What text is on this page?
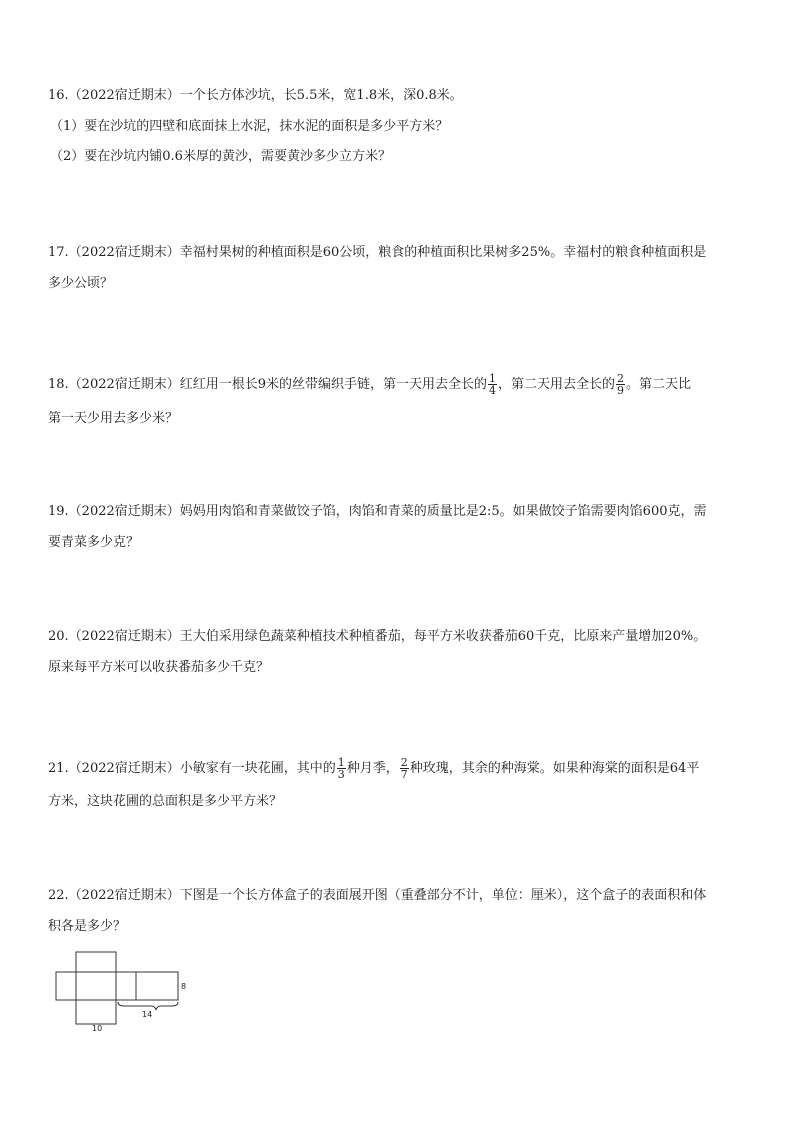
16.（2022宿迁期末）一个长方体沙坑，长5.5米，宽1.8米，深0.8米。
（1）要在沙坑的四壁和底面抹上水泥，抹水泥的面积是多少平方米？
（2）要在沙坑内铺0.6米厚的黄沙，需要黄沙多少立方米？
17.（2022宿迁期末）幸福村果树的种植面积是60公顷，粮食的种植面积比果树多25%。幸福村的粮食种植面积是
多少公顷？
18.（2022宿迁期末）红红用一根长9米的丝带编织手链，第一天用去全长的 $\frac{1}{4}$ ，第二天用去全长的 $\frac{2}{9}$ 。第二天比
第一天少用去多少米？
19.（2022宿迁期末）妈妈用肉馅和青菜做饺子馅，肉馅和青菜的质量比是2:5。如果做饺子馅需要肉馅600克，需
要青菜多少克？
20.（2022宿迁期末）王大伯采用绿色蔬菜种植技术种植番茄，每平方米收获番茄60千克，比原来产量增加20%。
原来每平方米可以收获番茄多少千克？
21.（2022宿迁期末）小敏家有一块花圃，其中的 $\frac{1}{3}$ 种月季， $\frac{2}{7}$ 种玫瑰，其余的种海棠。如果种海棠的面积是64平
方米，这块花圃的总面积是多少平方米？
22.（2022宿迁期末）下图是一个长方体盒子的表面展开图（重叠部分不计，单位：厘米），这个盒子的表面积和体
积各是多少？
8
14
10
